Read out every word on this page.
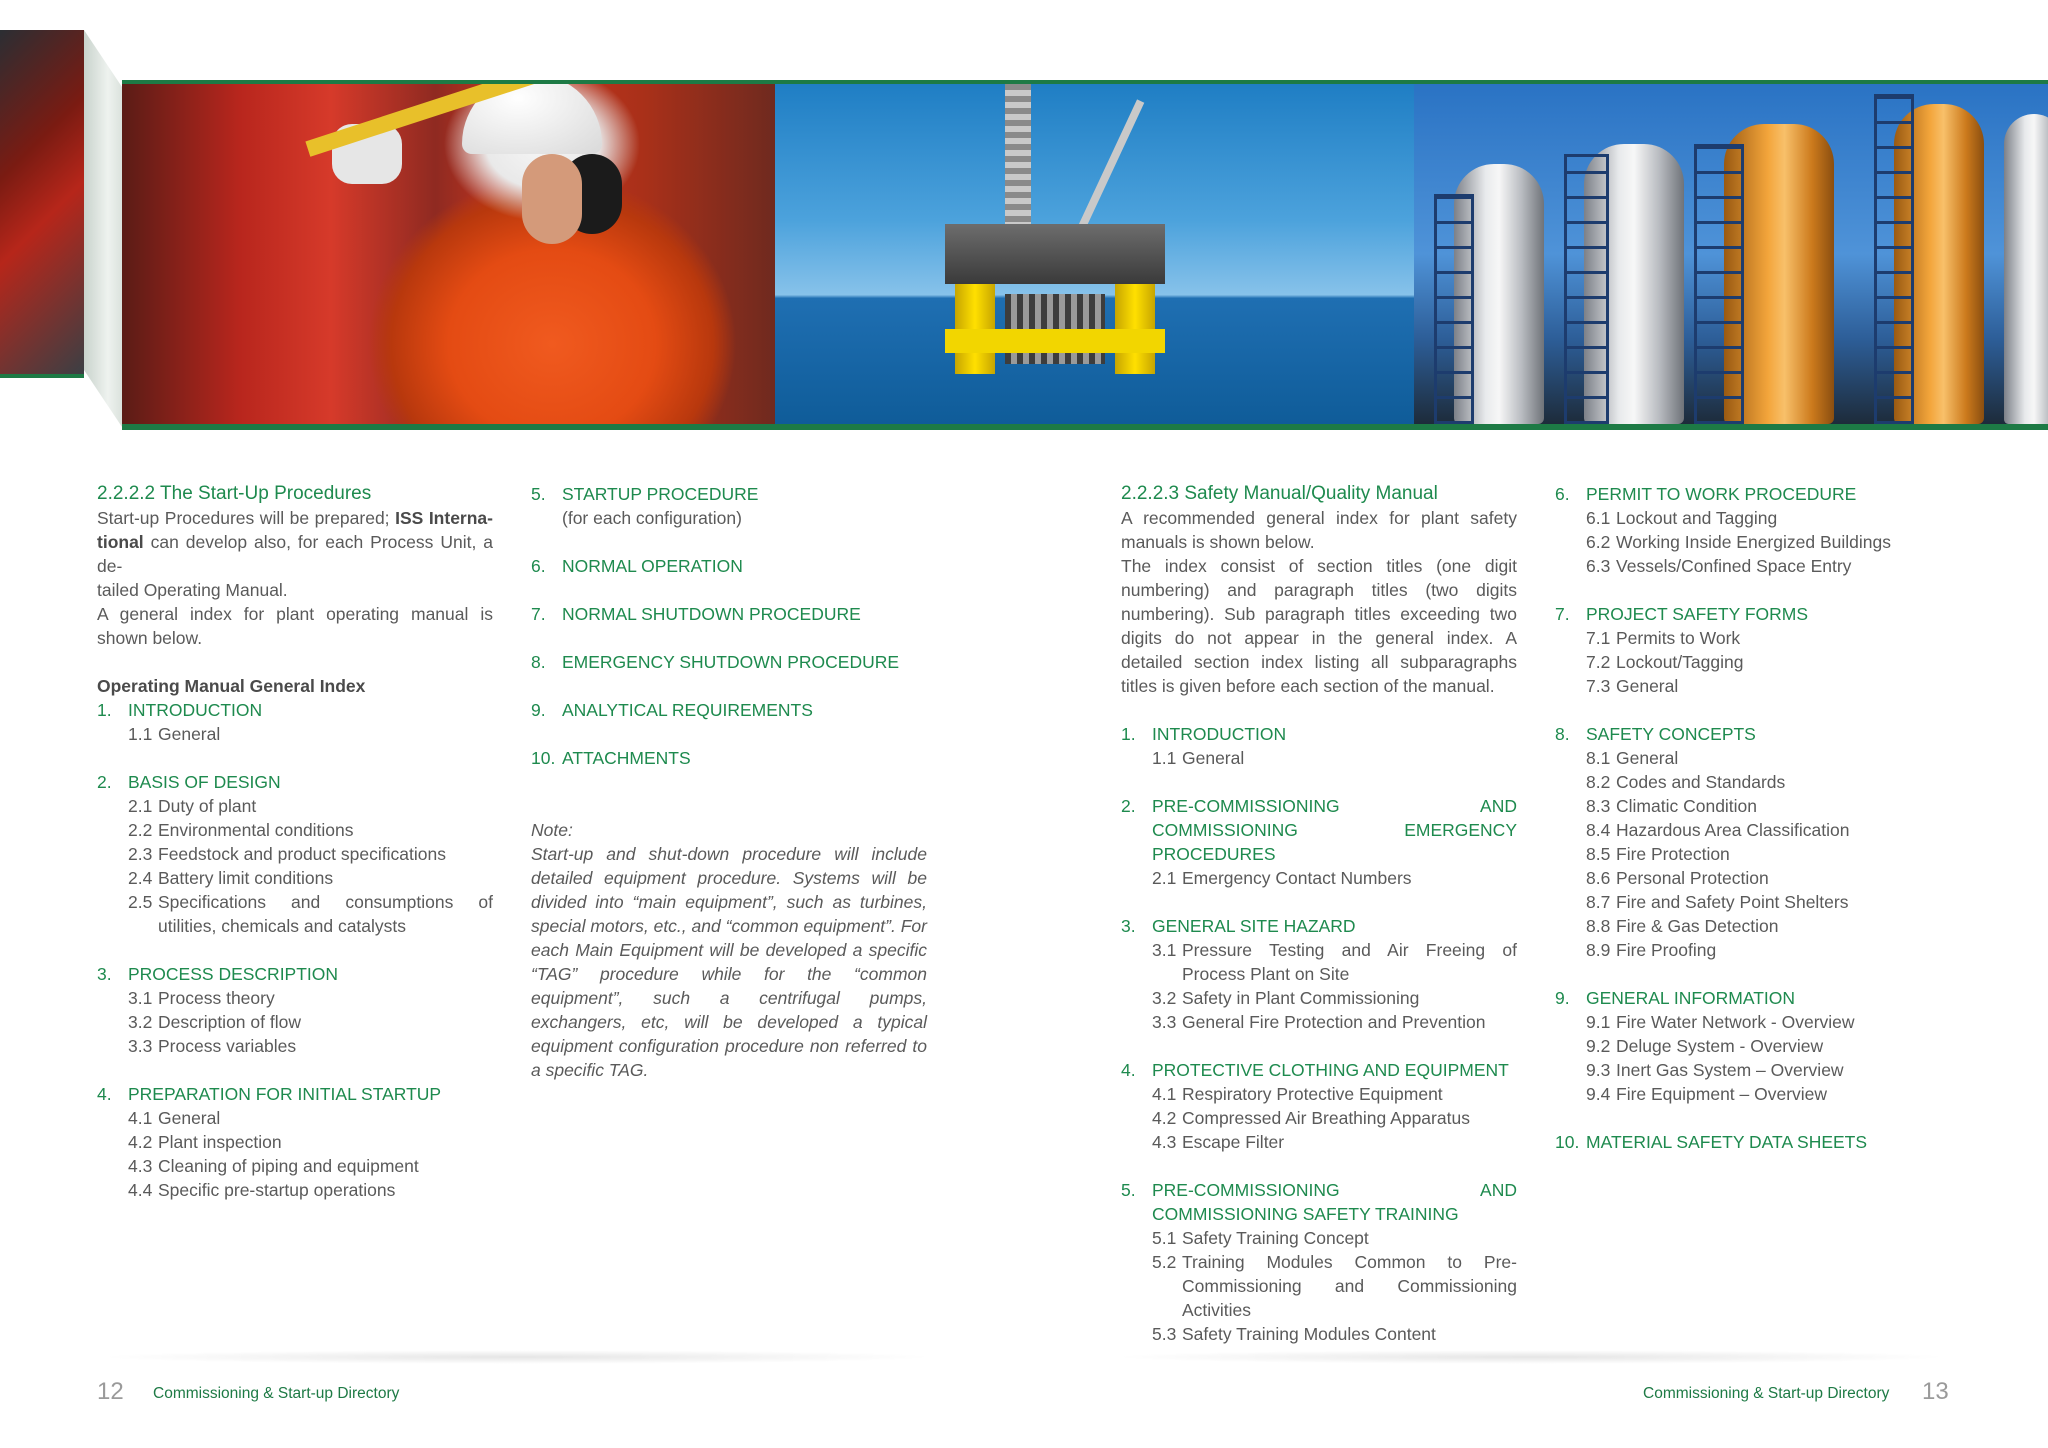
2.2.2.2 The Start-Up Procedures
Start-up Procedures will be prepared; ISS Interna-
tional can develop also, for each Process Unit, a de-
tailed Operating Manual.
A general index for plant operating manual is shown below.
Operating Manual General Index
1. INTRODUCTION
1.1 General
2. BASIS OF DESIGN
2.1 Duty of plant
2.2 Environmental conditions
2.3 Feedstock and product specifications
2.4 Battery limit conditions
2.5 Specifications and consumptions of utilities, chemicals and catalysts
3. PROCESS DESCRIPTION
3.1 Process theory
3.2 Description of flow
3.3 Process variables
4. PREPARATION FOR INITIAL STARTUP
4.1 General
4.2 Plant inspection
4.3 Cleaning of piping and equipment
4.4 Specific pre-startup operations
5. STARTUP PROCEDURE
(for each configuration)
6. NORMAL OPERATION
7. NORMAL SHUTDOWN PROCEDURE
8. EMERGENCY SHUTDOWN PROCEDURE
9. ANALYTICAL REQUIREMENTS
10. ATTACHMENTS
Note:
Start-up and shut-down procedure will include detailed equipment procedure. Systems will be divided into “main equipment”, such as turbines, special motors, etc., and “common equipment”. For each Main Equipment will be developed a specific “TAG” procedure while for the “common equipment”, such a centrifugal pumps, exchangers, etc, will be developed a typical equipment configuration procedure non referred to a specific TAG.
2.2.2.3 Safety Manual/Quality Manual
A recommended general index for plant safety manuals is shown below.
The index consist of section titles (one digit numbering) and paragraph titles (two digits numbering). Sub paragraph titles exceeding two digits do not appear in the general index. A detailed section index listing all subparagraphs titles is given before each section of the manual.
1. INTRODUCTION
1.1 General
2. PRE-COMMISSIONING AND COMMISSIONING EMERGENCY PROCEDURES
2.1 Emergency Contact Numbers
3. GENERAL SITE HAZARD
3.1 Pressure Testing and Air Freeing of Process Plant on Site
3.2 Safety in Plant Commissioning
3.3 General Fire Protection and Prevention
4. PROTECTIVE CLOTHING AND EQUIPMENT
4.1 Respiratory Protective Equipment
4.2 Compressed Air Breathing Apparatus
4.3 Escape Filter
5. PRE-COMMISSIONING AND COMMISSIONING SAFETY TRAINING
5.1 Safety Training Concept
5.2 Training Modules Common to Pre-Commissioning and Commissioning Activities
5.3 Safety Training Modules Content
6. PERMIT TO WORK PROCEDURE
6.1 Lockout and Tagging
6.2 Working Inside Energized Buildings
6.3 Vessels/Confined Space Entry
7. PROJECT SAFETY FORMS
7.1 Permits to Work
7.2 Lockout/Tagging
7.3 General
8. SAFETY CONCEPTS
8.1 General
8.2 Codes and Standards
8.3 Climatic Condition
8.4 Hazardous Area Classification
8.5 Fire Protection
8.6 Personal Protection
8.7 Fire and Safety Point Shelters
8.8 Fire & Gas Detection
8.9 Fire Proofing
9. GENERAL INFORMATION
9.1 Fire Water Network - Overview
9.2 Deluge System - Overview
9.3 Inert Gas System – Overview
9.4 Fire Equipment – Overview
10. MATERIAL SAFETY DATA SHEETS
12 Commissioning & Start-up Directory	Commissioning & Start-up Directory 13
